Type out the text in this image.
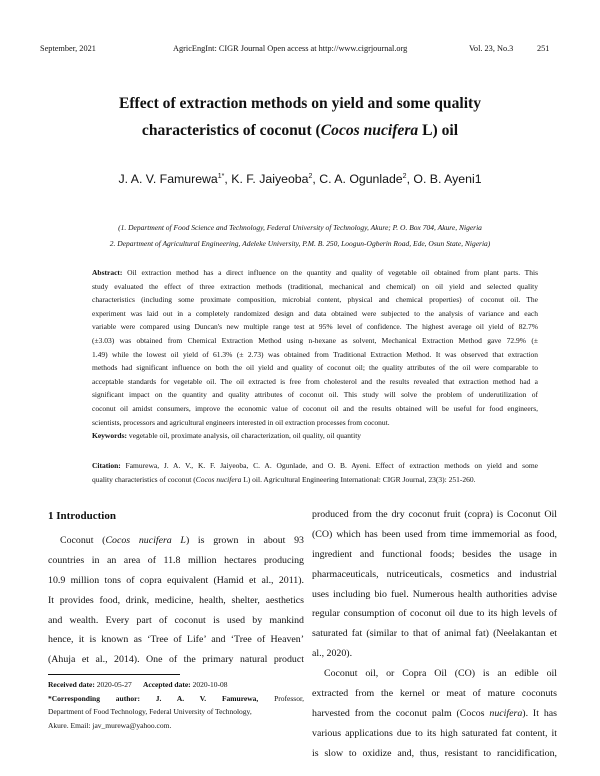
September, 2021	AgricEngInt: CIGR Journal Open access at http://www.cigrjournal.org	Vol. 23, No.3	251
Effect of extraction methods on yield and some quality
characteristics of coconut (Cocos nucifera L) oil
J. A. V. Famurewa$^{1*}$, K. F. Jaiyeoba$^2$, C. A. Ogunlade$^2$, O. B. Ayeni1
(1. Department of Food Science and Technology, Federal University of Technology, Akure; P. O. Box 704, Akure, Nigeria
2. Department of Agricultural Engineering, Adeleke University, P.M. B. 250, Loogun-Ogberin Road, Ede, Osun State, Nigeria)
Abstract: Oil extraction method has a direct influence on the quantity and quality of vegetable oil obtained from plant parts. This
study evaluated the effect of three extraction methods (traditional, mechanical and chemical) on oil yield and selected quality
characteristics (including some proximate composition, microbial content, physical and chemical properties) of coconut oil. The
experiment was laid out in a completely randomized design and data obtained were subjected to the analysis of variance and each
variable were compared using Duncan's new multiple range test at 95% level of confidence. The highest average oil yield of 82.7%
(±3.03) was obtained from Chemical Extraction Method using n-hexane as solvent, Mechanical Extraction Method gave 72.9% (±
1.49) while the lowest oil yield of 61.3% (± 2.73) was obtained from Traditional Extraction Method. It was observed that extraction
methods had significant influence on both the oil yield and quality of coconut oil; the quality attributes of the oil were comparable to
acceptable standards for vegetable oil. The oil extracted is free from cholesterol and the results revealed that extraction method had a
significant impact on the quantity and quality attributes of coconut oil. This study will solve the problem of underutilization of
coconut oil amidst consumers, improve the economic value of coconut oil and the results obtained will be useful for food engineers,
scientists, processors and agricultural engineers interested in oil extraction processes from coconut.
Keywords: vegetable oil, proximate analysis, oil characterization, oil quality, oil quantity
Citation: Famurewa, J. A. V., K. F. Jaiyeoba, C. A. Ogunlade, and O. B. Ayeni. Effect of extraction methods on yield and some
quality characteristics of coconut (Cocos nucifera L) oil. Agricultural Engineering International: CIGR Journal, 23(3): 251-260.
1 Introduction
Coconut (Cocos nucifera L) is grown in about 93
countries in an area of 11.8 million hectares producing
10.9 million tons of copra equivalent (Hamid et al., 2011).
It provides food, drink, medicine, health, shelter, aesthetics
and wealth. Every part of coconut is used by mankind
hence, it is known as ‘Tree of Life’ and ‘Tree of Heaven’
(Ahuja et al., 2014). One of the primary natural product
Received date: 2020-05-27 Accepted date: 2020-10-08
*Corresponding author: J. A. V. Famurewa, Professor,
Department of Food Technology, Federal University of Technology,
Akure. Email: jav_murewa@yahoo.com.
produced from the dry coconut fruit (copra) is Coconut Oil
(CO) which has been used from time immemorial as food,
ingredient and functional foods; besides the usage in
pharmaceuticals, nutriceuticals, cosmetics and industrial
uses including bio fuel. Numerous health authorities advise
regular consumption of coconut oil due to its high levels of
saturated fat (similar to that of animal fat) (Neelakantan et
al., 2020).
Coconut oil, or Copra Oil (CO) is an edible oil
extracted from the kernel or meat of mature coconuts
harvested from the coconut palm (Cocos nucifera). It has
various applications due to its high saturated fat content, it
is slow to oxidize and, thus, resistant to rancidification,
